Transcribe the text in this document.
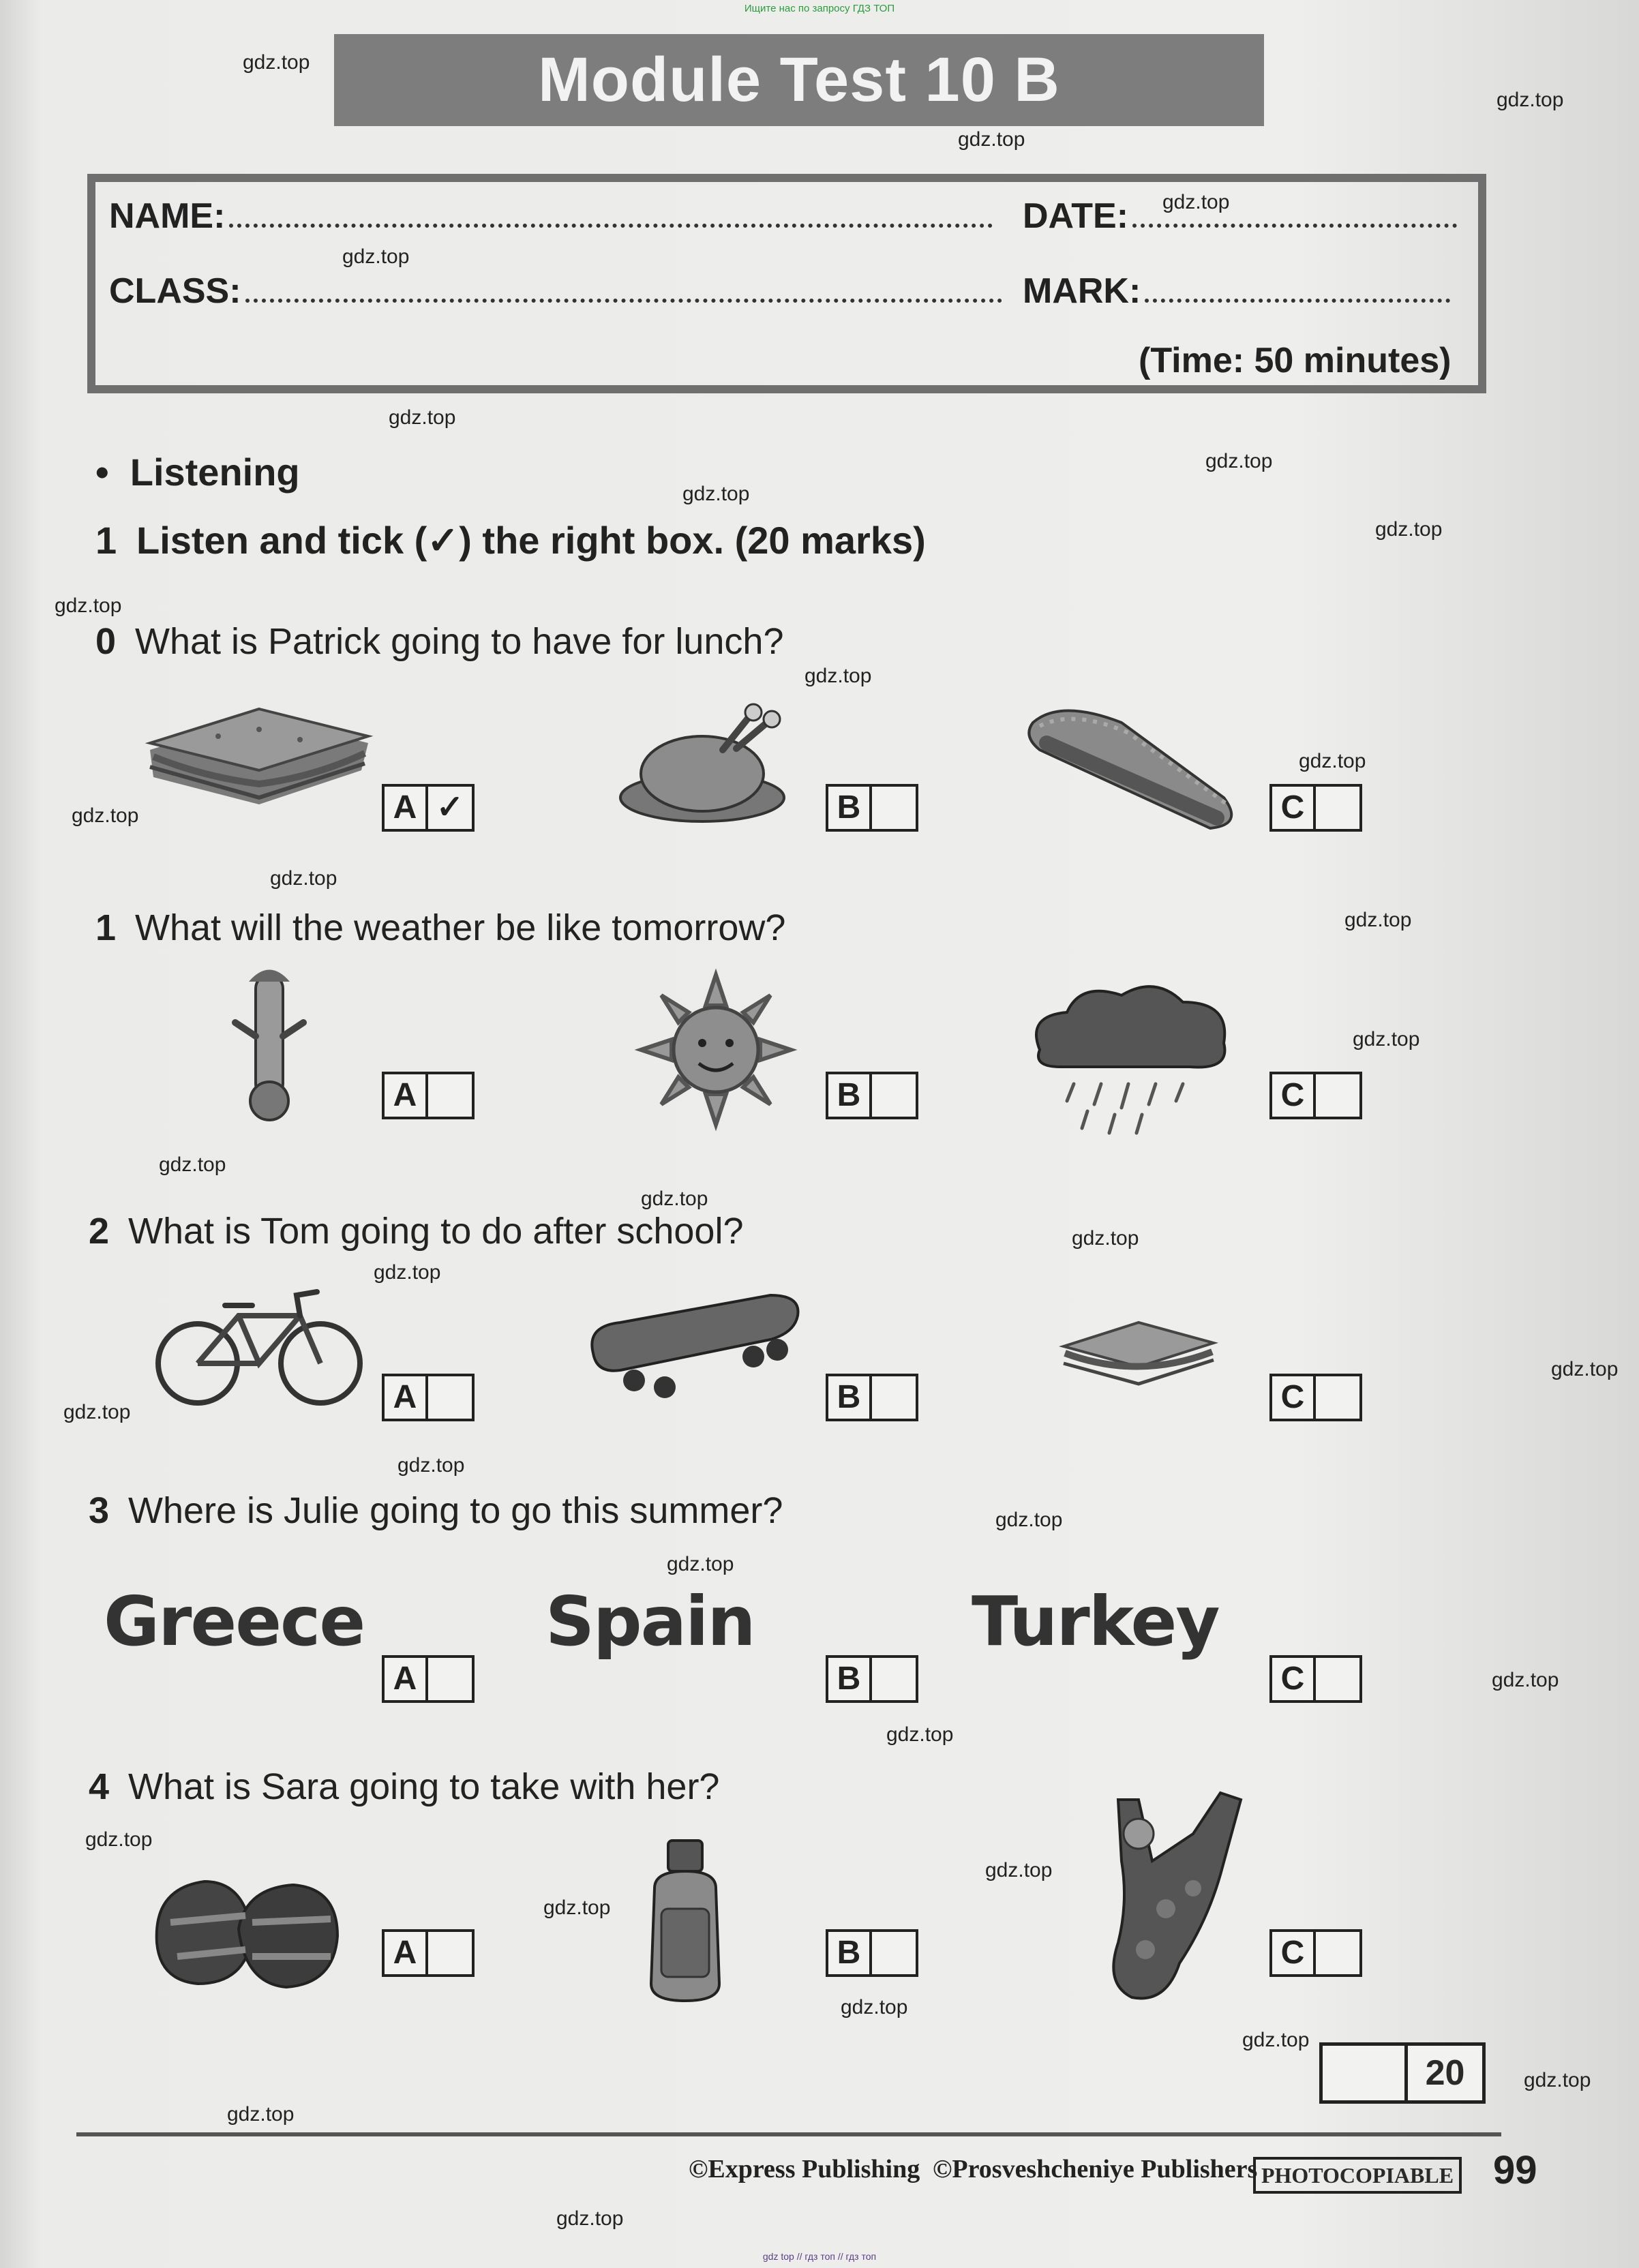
Ищите нас по запросу ГДЗ ТОП
Module Test 10 B
NAME:	DATE:
CLASS:	MARK:
(Time: 50 minutes)
• Listening
1 Listen and tick (✓) the right box. (20 marks)
0 What is Patrick going to have for lunch?
A ✓	B	C
1 What will the weather be like tomorrow?
A	B	C
2 What is Tom going to do after school?
A	B	C
3 Where is Julie going to go this summer?
Greece	Spain	Turkey
A	B	C
4 What is Sara going to take with her?
A	B	C
20
©Express Publishing ©Prosveshcheniye Publishers PHOTOCOPIABLE 99
gdz top // гдз топ // гдз топ
gdz.top
gdz.top
gdz.top
gdz.top
gdz.top
gdz.top
gdz.top
gdz.top
gdz.top
gdz.top
gdz.top
gdz.top
gdz.top
gdz.top
gdz.top
gdz.top
gdz.top
gdz.top
gdz.top
gdz.top
gdz.top
gdz.top
gdz.top
gdz.top
gdz.top
gdz.top
gdz.top
gdz.top
gdz.top
gdz.top
gdz.top
gdz.top
gdz.top
gdz.top
gdz.top
